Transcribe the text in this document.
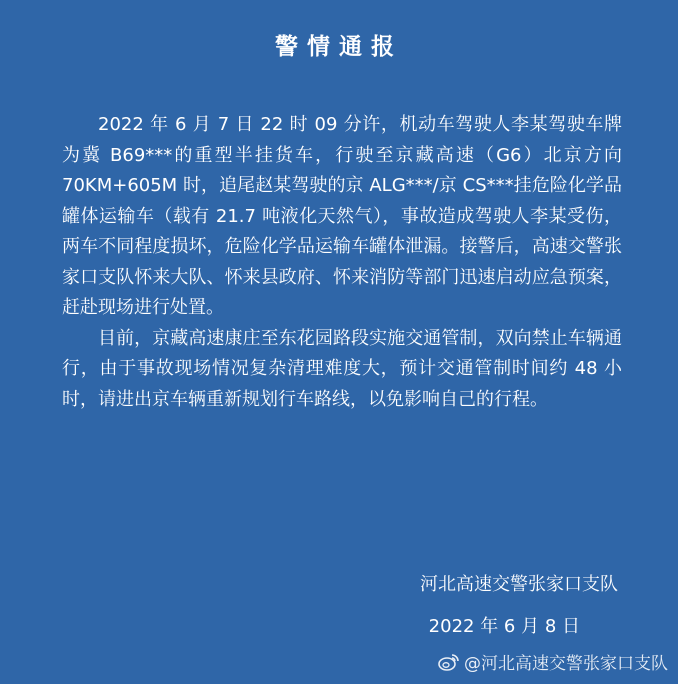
警情通报

2022 年 6 月 7 日 22 时 09 分许，机动车驾驶人李某驾驶车牌为冀 B69***的重型半挂货车，行驶至京藏高速（G6）北京方向 70KM+605M 时，追尾赵某驾驶的京 ALG***/京 CS***挂危险化学品罐体运输车（载有 21.7 吨液化天然气），事故造成驾驶人李某受伤，两车不同程度损坏，危险化学品运输车罐体泄漏。接警后，高速交警张家口支队怀来大队、怀来县政府、怀来消防等部门迅速启动应急预案，赶赴现场进行处置。

目前，京藏高速康庄至东花园路段实施交通管制，双向禁止车辆通行，由于事故现场情况复杂清理难度大，预计交通管制时间约 48 小时，请进出京车辆重新规划行车路线，以免影响自己的行程。

河北高速交警张家口支队
2022 年 6 月 8 日
@河北高速交警张家口支队
